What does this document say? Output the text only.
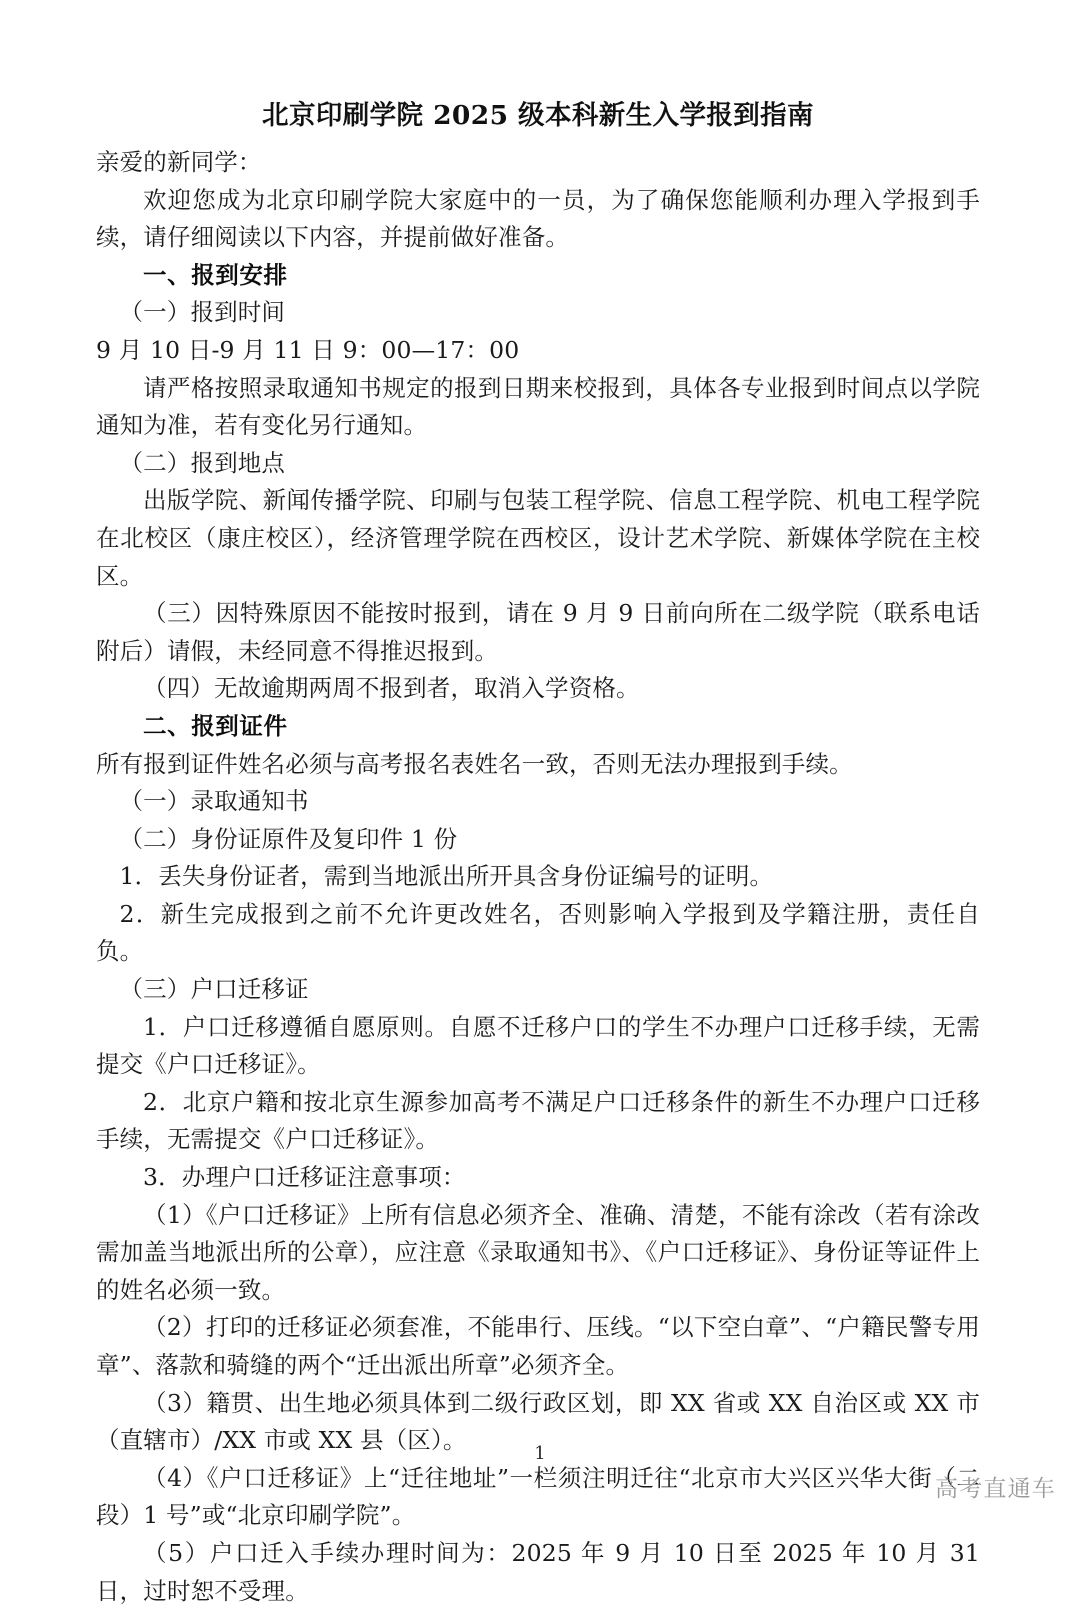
北京印刷学院 2025 级本科新生入学报到指南

亲爱的新同学：

欢迎您成为北京印刷学院大家庭中的一员，为了确保您能顺利办理入学报到手续，请仔细阅读以下内容，并提前做好准备。

一、报到安排

（一）报到时间

9 月 10 日-9 月 11 日 9：00—17：00

请严格按照录取通知书规定的报到日期来校报到，具体各专业报到时间点以学院通知为准，若有变化另行通知。

（二）报到地点

出版学院、新闻传播学院、印刷与包装工程学院、信息工程学院、机电工程学院在北校区（康庄校区），经济管理学院在西校区，设计艺术学院、新媒体学院在主校区。

（三）因特殊原因不能按时报到，请在 9 月 9 日前向所在二级学院（联系电话附后）请假，未经同意不得推迟报到。

（四）无故逾期两周不报到者，取消入学资格。

二、报到证件

所有报到证件姓名必须与高考报名表姓名一致，否则无法办理报到手续。

（一）录取通知书

（二）身份证原件及复印件 1 份

1．丢失身份证者，需到当地派出所开具含身份证编号的证明。

2．新生完成报到之前不允许更改姓名，否则影响入学报到及学籍注册，责任自负。

（三）户口迁移证

1．户口迁移遵循自愿原则。自愿不迁移户口的学生不办理户口迁移手续，无需提交《户口迁移证》。

2．北京户籍和按北京生源参加高考不满足户口迁移条件的新生不办理户口迁移手续，无需提交《户口迁移证》。

3．办理户口迁移证注意事项：

（1）《户口迁移证》上所有信息必须齐全、准确、清楚，不能有涂改（若有涂改需加盖当地派出所的公章），应注意《录取通知书》、《户口迁移证》、身份证等证件上的姓名必须一致。

（2）打印的迁移证必须套准，不能串行、压线。“以下空白章”、“户籍民警专用章”、落款和骑缝的两个“迁出派出所章”必须齐全。

（3）籍贯、出生地必须具体到二级行政区划，即 XX 省或 XX 自治区或 XX 市（直辖市）/XX 市或 XX 县（区）。

（4）《户口迁移证》上“迁往地址”一栏须注明迁往“北京市大兴区兴华大街（二段）1 号”或“北京印刷学院”。

（5）户口迁入手续办理时间为：2025 年 9 月 10 日至 2025 年 10 月 31 日，过时恕不受理。

1
高考直通车
